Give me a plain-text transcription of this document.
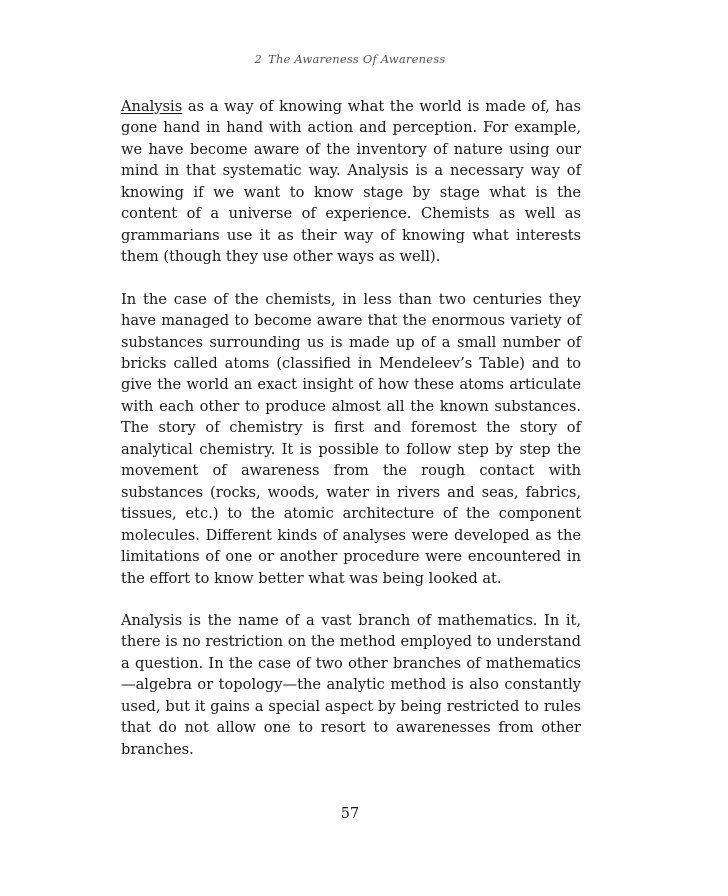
2 The Awareness Of Awareness

Analysis as a way of knowing what the world is made of, has gone hand in hand with action and perception. For example, we have become aware of the inventory of nature using our mind in that systematic way. Analysis is a necessary way of knowing if we want to know stage by stage what is the content of a universe of experience. Chemists as well as grammarians use it as their way of knowing what interests them (though they use other ways as well).

In the case of the chemists, in less than two centuries they have managed to become aware that the enormous variety of substances surrounding us is made up of a small number of bricks called atoms (classified in Mendeleev’s Table) and to give the world an exact insight of how these atoms articulate with each other to produce almost all the known substances. The story of chemistry is first and foremost the story of analytical chemistry. It is possible to follow step by step the movement of awareness from the rough contact with substances (rocks, woods, water in rivers and seas, fabrics, tissues, etc.) to the atomic architecture of the component molecules. Different kinds of analyses were developed as the limitations of one or another procedure were encountered in the effort to know better what was being looked at.

Analysis is the name of a vast branch of mathematics. In it, there is no restriction on the method employed to understand a question. In the case of two other branches of mathematics—algebra or topology—the analytic method is also constantly used, but it gains a special aspect by being restricted to rules that do not allow one to resort to awarenesses from other branches.

57
